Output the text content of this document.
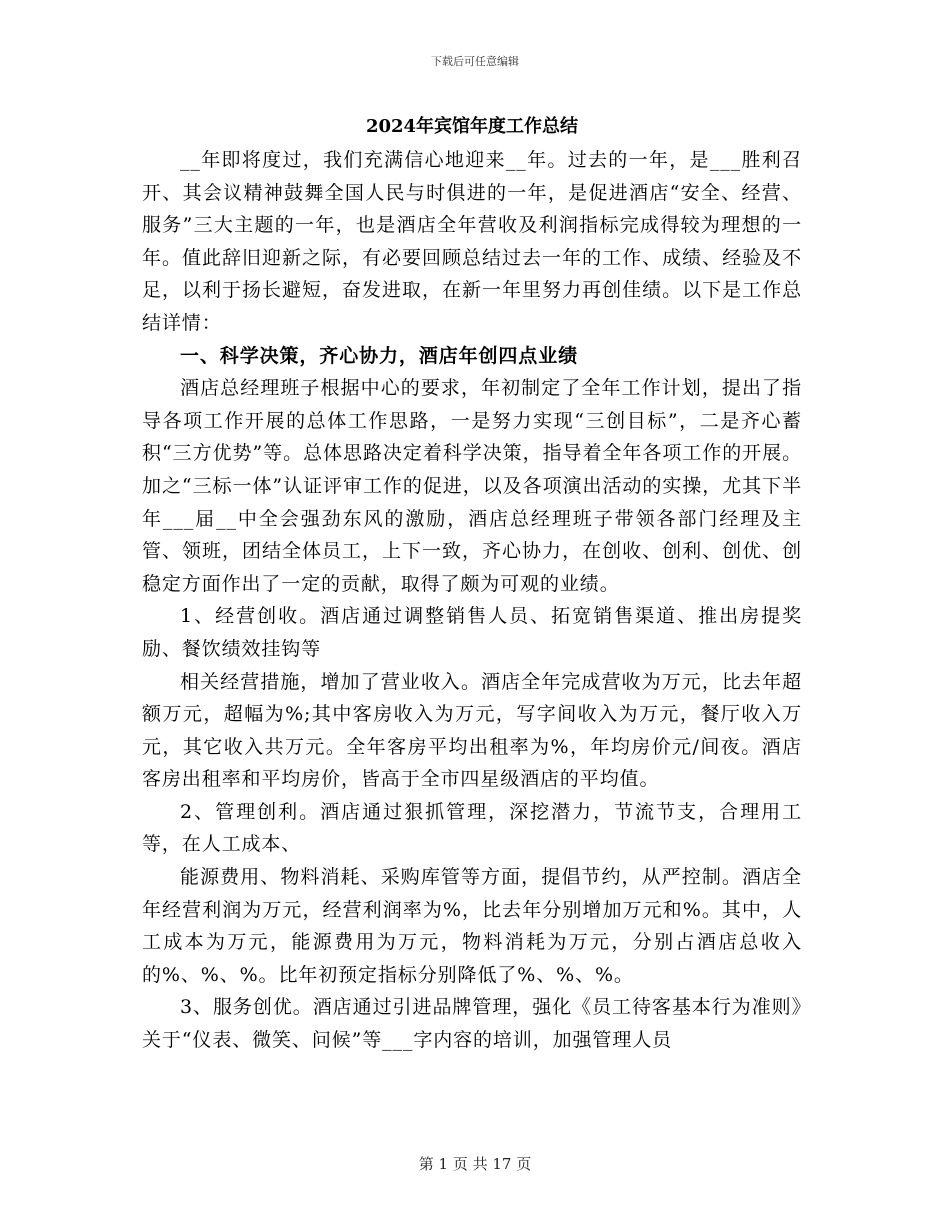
下载后可任意编辑
2024年宾馆年度工作总结

__年即将度过，我们充满信心地迎来__年。过去的一年，是___胜利召开、其会议精神鼓舞全国人民与时俱进的一年，是促进酒店“安全、经营、服务”三大主题的一年，也是酒店全年营收及利润指标完成得较为理想的一年。值此辞旧迎新之际，有必要回顾总结过去一年的工作、成绩、经验及不足，以利于扬长避短，奋发进取，在新一年里努力再创佳绩。以下是工作总结详情：

一、科学决策，齐心协力，酒店年创四点业绩

酒店总经理班子根据中心的要求，年初制定了全年工作计划，提出了指导各项工作开展的总体工作思路，一是努力实现“三创目标”，二是齐心蓄积“三方优势”等。总体思路决定着科学决策，指导着全年各项工作的开展。加之“三标一体”认证评审工作的促进，以及各项演出活动的实操，尤其下半年___届__中全会强劲东风的激励，酒店总经理班子带领各部门经理及主管、领班，团结全体员工，上下一致，齐心协力，在创收、创利、创优、创稳定方面作出了一定的贡献，取得了颇为可观的业绩。

1、经营创收。酒店通过调整销售人员、拓宽销售渠道、推出房提奖励、餐饮绩效挂钩等

相关经营措施，增加了营业收入。酒店全年完成营收为万元，比去年超额万元，超幅为%;其中客房收入为万元，写字间收入为万元，餐厅收入万元，其它收入共万元。全年客房平均出租率为%，年均房价元/间夜。酒店客房出租率和平均房价，皆高于全市四星级酒店的平均值。

2、管理创利。酒店通过狠抓管理，深挖潜力，节流节支，合理用工等，在人工成本、

能源费用、物料消耗、采购库管等方面，提倡节约，从严控制。酒店全年经营利润为万元，经营利润率为%，比去年分别增加万元和%。其中，人工成本为万元，能源费用为万元，物料消耗为万元，分别占酒店总收入的%、%、%。比年初预定指标分别降低了%、%、%。

3、服务创优。酒店通过引进品牌管理，强化《员工待客基本行为准则》关于“仪表、微笑、问候”等___字内容的培训，加强管理人员

第 1 页 共 17 页
